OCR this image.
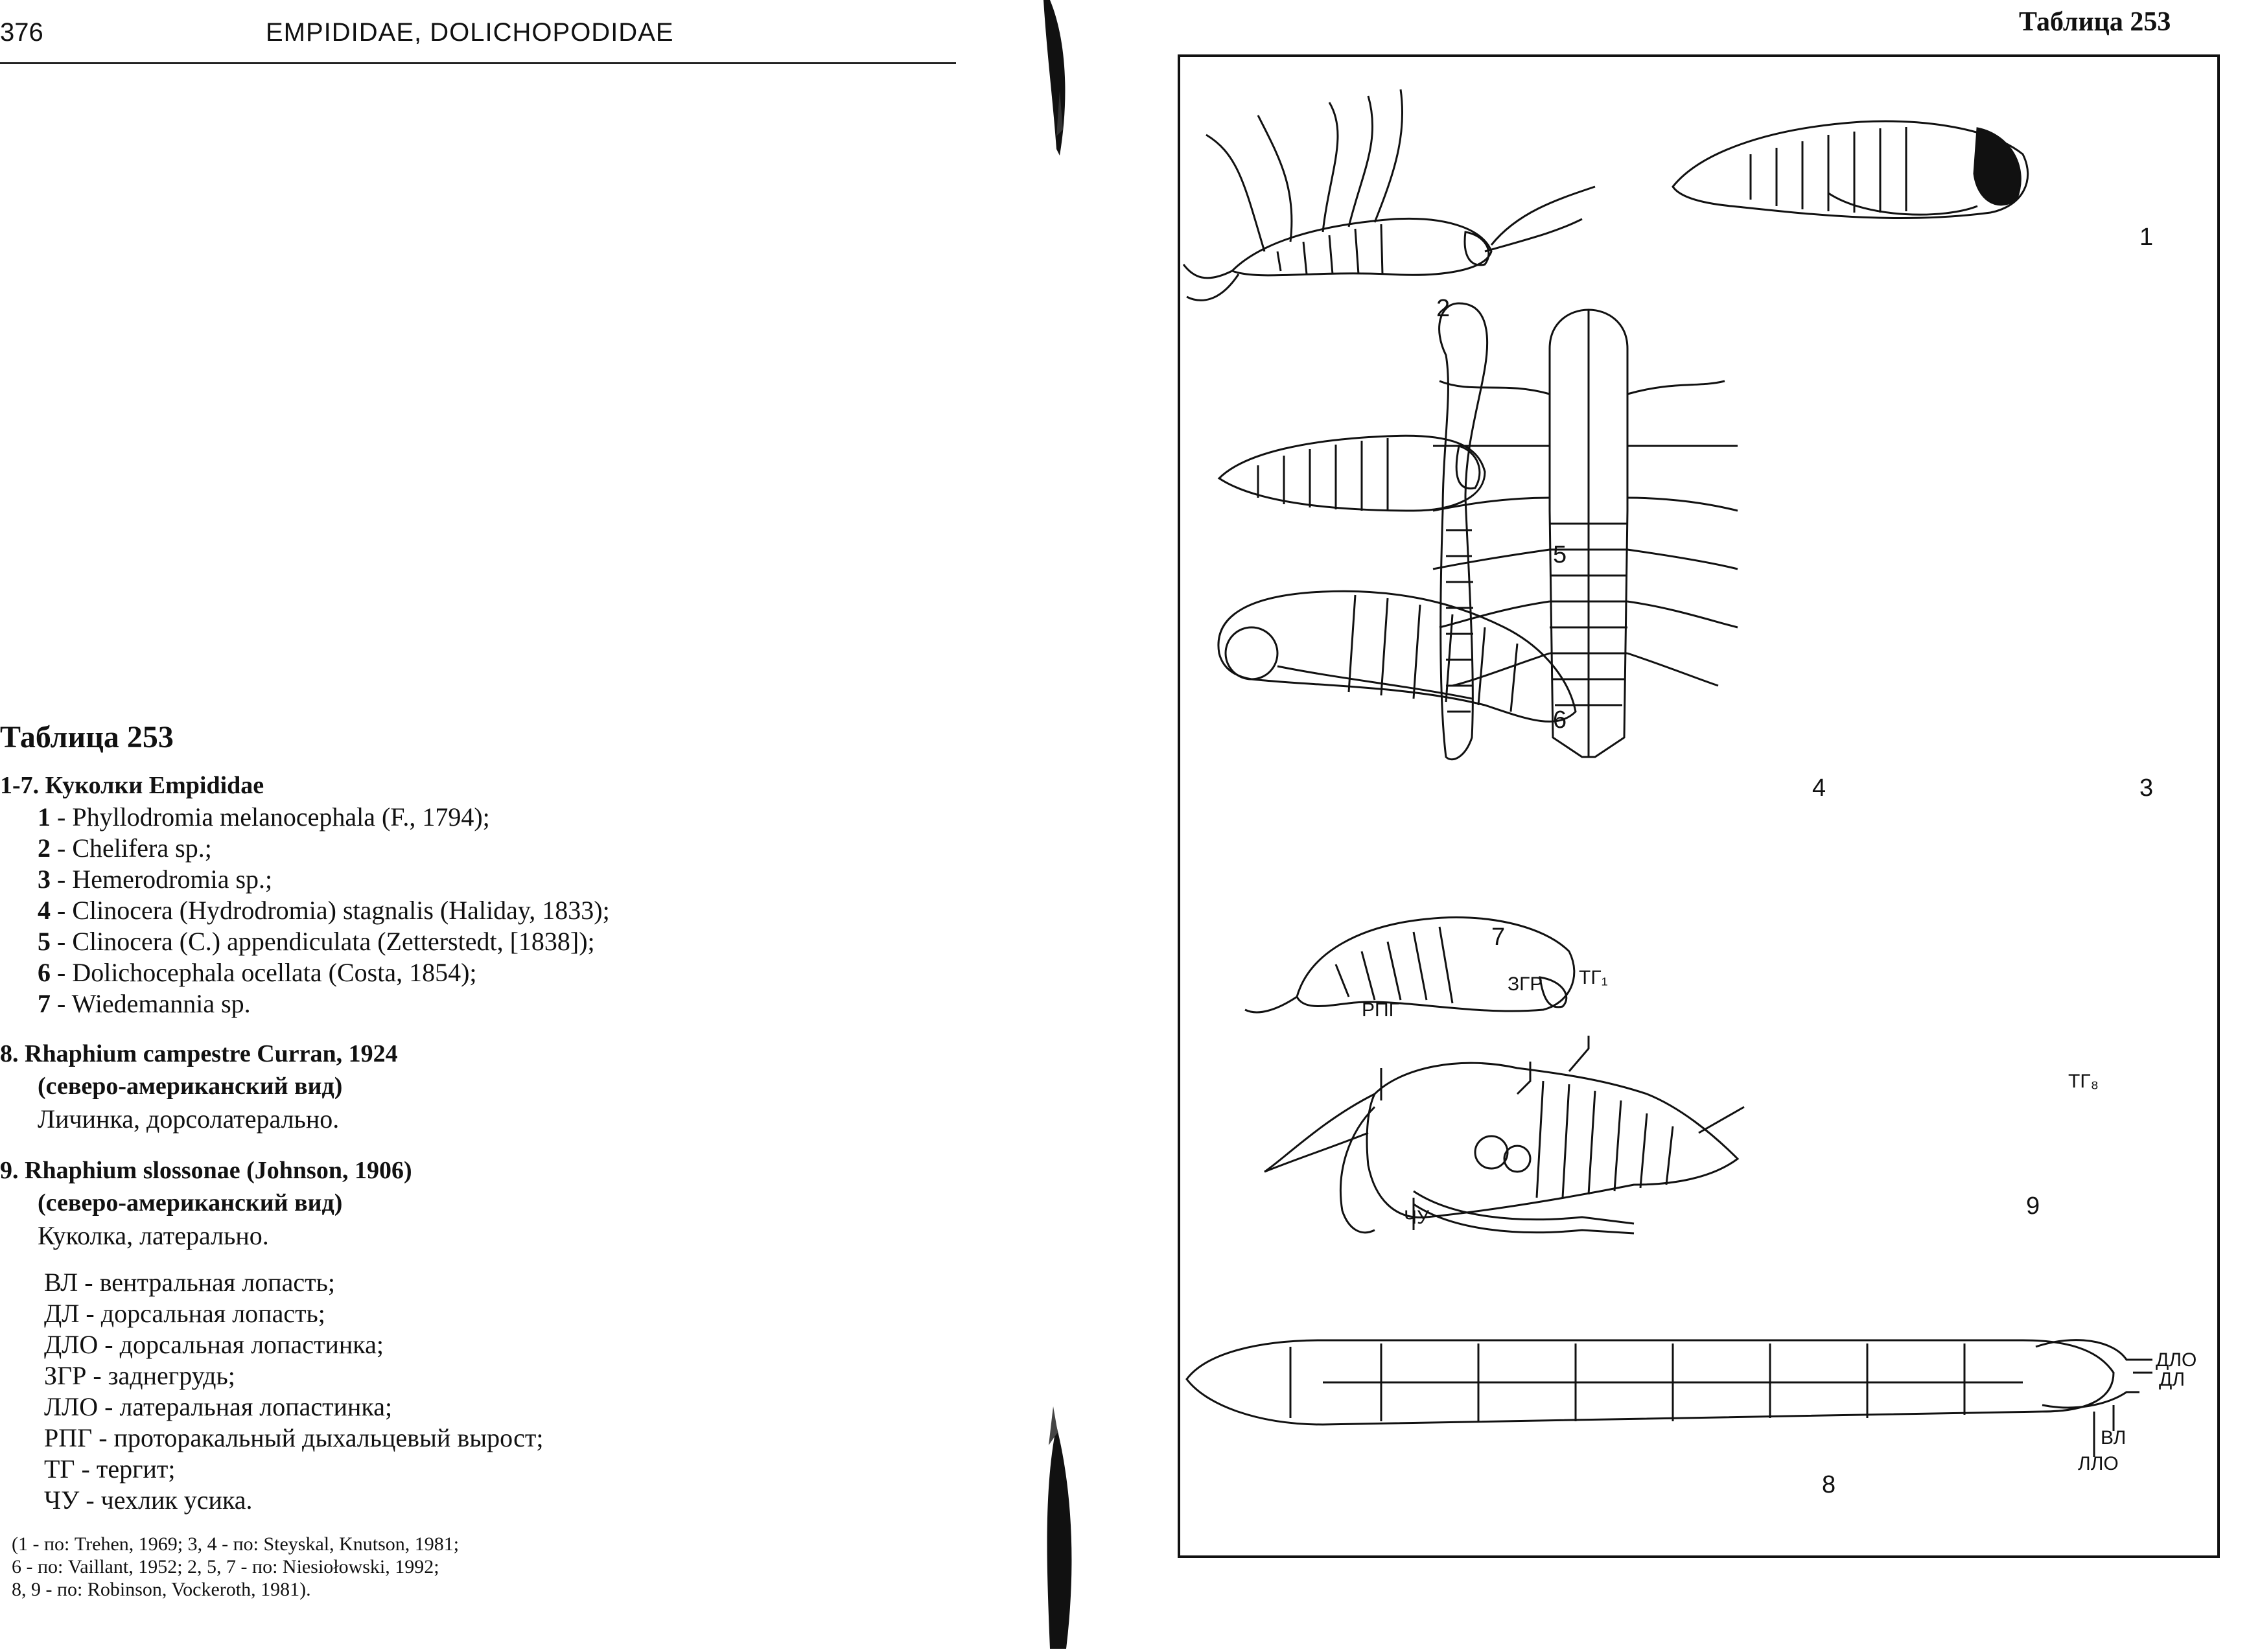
376	EMPIDIDAE, DOLICHOPODIDAE	Таблица 253
Таблица 253
1-7. Куколки Empididae
1 - Phyllodromia melanocephala (F., 1794);
2 - Chelifera sp.;
3 - Hemerodromia sp.;
4 - Clinocera (Hydrodromia) stagnalis (Haliday, 1833);
5 - Clinocera (C.) appendiculata (Zetterstedt, [1838]);
6 - Dolichocephala ocellata (Costa, 1854);
7 - Wiedemannia sp.
8. Rhaphium campestre Curran, 1924
(северо-американский вид)
Личинка, дорсолатерально.
9. Rhaphium slossonae (Johnson, 1906)
(северо-американский вид)
Куколка, латерально.
ВЛ - вентральная лопасть;
ДЛ - дорсальная лопасть;
ДЛО - дорсальная лопастинка;
ЗГР - заднегрудь;
ЛЛО - латеральная лопастинка;
РПГ - проторакальный дыхальцевый вырост;
ТГ - тергит;
ЧУ - чехлик усика.
(1 - по: Trehen, 1969; 3, 4 - по: Steyskal, Knutson, 1981;
6 - по: Vaillant, 1952; 2, 5, 7 - по: Niesiołowski, 1992;
8, 9 - по: Robinson, Vockeroth, 1981).
1
2
3
4
5
6
7
8
9
ЗГР ТГ₁
РПГ
ТГ₈
ЧУ
ДЛО
ДЛ
ВЛ
ЛЛО
